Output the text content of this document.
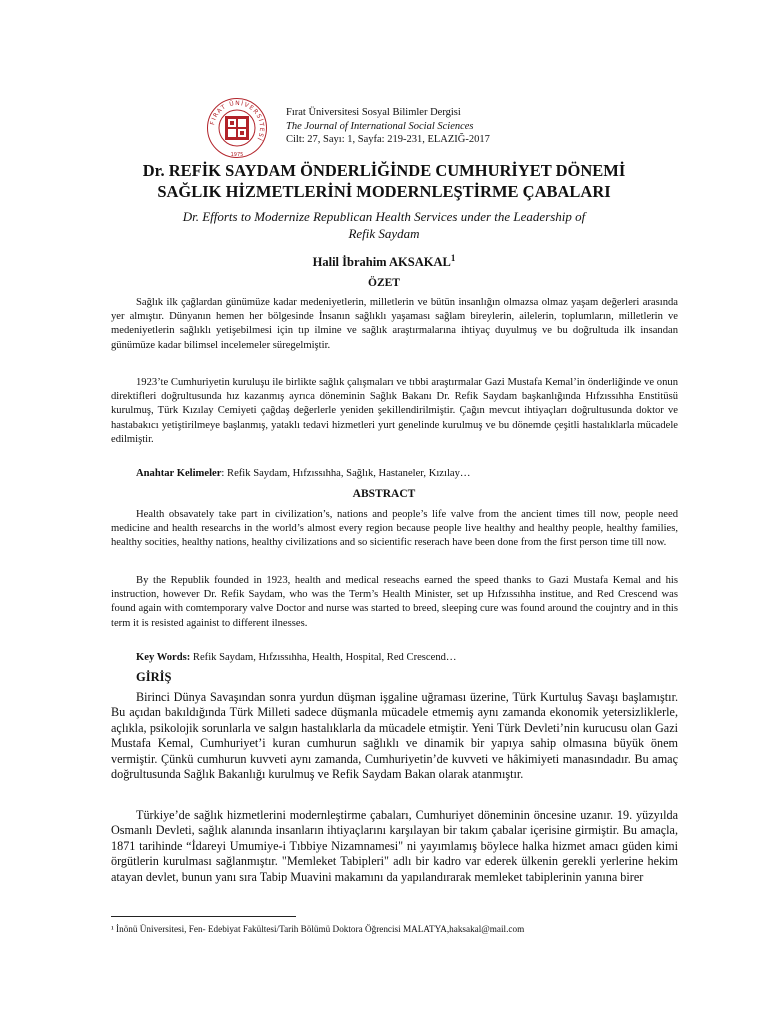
FIRAT ÜNİVERSİTESİ
1975
Fırat Üniversitesi Sosyal Bilimler Dergisi
The Journal of International Social Sciences
Cilt: 27, Sayı: 1, Sayfa: 219-231, ELAZIĞ-2017
Dr. REFİK SAYDAM ÖNDERLİĞİNDE CUMHURİYET DÖNEMİ
SAĞLIK HİZMETLERİNİ MODERNLEŞTİRME ÇABALARI
Dr. Efforts to Modernize Republican Health Services under the Leadership of
Refik Saydam
Halil İbrahim AKSAKAL$^1$
ÖZET

Sağlık ilk çağlardan günümüze kadar medeniyetlerin, milletlerin ve bütün insanlığın olmazsa olmaz yaşam değerleri arasında yer almıştır. Dünyanın hemen her bölgesinde İnsanın sağlıklı yaşaması sağlam bireylerin, ailelerin, toplumların, milletlerin ve medeniyetlerin sağlıklı yetişebilmesi için tıp ilmine ve sağlık araştırmalarına ihtiyaç duyulmuş ve bu doğrultuda ilk insandan günümüze kadar bilimsel incelemeler süregelmiştir.

1923’te Cumhuriyetin kuruluşu ile birlikte sağlık çalışmaları ve tıbbi araştırmalar Gazi Mustafa Kemal’in önderliğinde ve onun direktifleri doğrultusunda hız kazanmış ayrıca döneminin Sağlık Bakanı Dr. Refik Saydam başkanlığında Hıfzıssıhha Enstitüsü kurulmuş, Türk Kızılay Cemiyeti çağdaş değerlerle yeniden şekillendirilmiştir. Çağın mevcut ihtiyaçları doğrultusunda doktor ve hastabakıcı yetiştirilmeye başlanmış, yataklı tedavi hizmetleri yurt genelinde kurulmuş ve bu dönemde çeşitli hastalıklarla mücadele edilmiştir.

Anahtar Kelimeler: Refik Saydam, Hıfzıssıhha, Sağlık, Hastaneler, Kızılay…
ABSTRACT

Health obsavately take part in civilization’s, nations and people’s life valve from the ancient times till now, people need medicine and health researchs in the world’s almost every region because people live healthy and healthy people, healthy families, healthy socities, healthy nations, healthy civilizations and so sicientific reserach have been done from the first person time till now.

By the Republik founded in 1923, health and medical reseachs earned the speed thanks to Gazi Mustafa Kemal and his instruction, however Dr. Refik Saydam, who was the Term’s Health Minister, set up Hıfzıssıhha institue, and Red Crescend was found again with comtemporary valve Doctor and nurse was started to breed, sleeping cure was found around the coujntry and in this term it is resisted againist to different ilnesses.

Key Words: Refik Saydam, Hıfzıssıhha, Health, Hospital, Red Crescend…
GİRİŞ

Birinci Dünya Savaşından sonra yurdun düşman işgaline uğraması üzerine, Türk Kurtuluş Savaşı başlamıştır. Bu açıdan bakıldığında Türk Milleti sadece düşmanla mücadele etmemiş aynı zamanda ekonomik yetersizliklerle, açlıkla, psikolojik sorunlarla ve salgın hastalıklarla da mücadele etmiştir. Yeni Türk Devleti’nin kurucusu olan Gazi Mustafa Kemal, Cumhuriyet’i kuran cumhurun sağlıklı ve dinamik bir yapıya sahip olmasına büyük önem vermiştir. Çünkü cumhurun kuvveti aynı zamanda, Cumhuriyetin’de kuvveti ve hâkimiyeti manasındadır. Bu amaç doğrultusunda Sağlık Bakanlığı kurulmuş ve Refik Saydam Bakan olarak atanmıştır.

Türkiye’de sağlık hizmetlerini modernleştirme çabaları, Cumhuriyet döneminin öncesine uzanır. 19. yüzyılda Osmanlı Devleti, sağlık alanında insanların ihtiyaçlarını karşılayan bir takım çabalar içerisine girmiştir. Bu amaçla, 1871 tarihinde “İdareyi Umumiye-i Tıbbiye Nizamnamesi" ni yayımlamış böylece halka hizmet amacı güden kimi örgütlerin kurulması sağlanmıştır. "Memleket Tabipleri" adlı bir kadro var ederek ülkenin gerekli yerlerine hekim atayan devlet, bunun yanı sıra Tabip Muavini makamını da yapılandırarak memleket tabiplerinin yanına birer

¹ İnönü Üniversitesi, Fen- Edebiyat Fakültesi/Tarih Bölümü Doktora Öğrencisi MALATYA,haksakal@mail.com
